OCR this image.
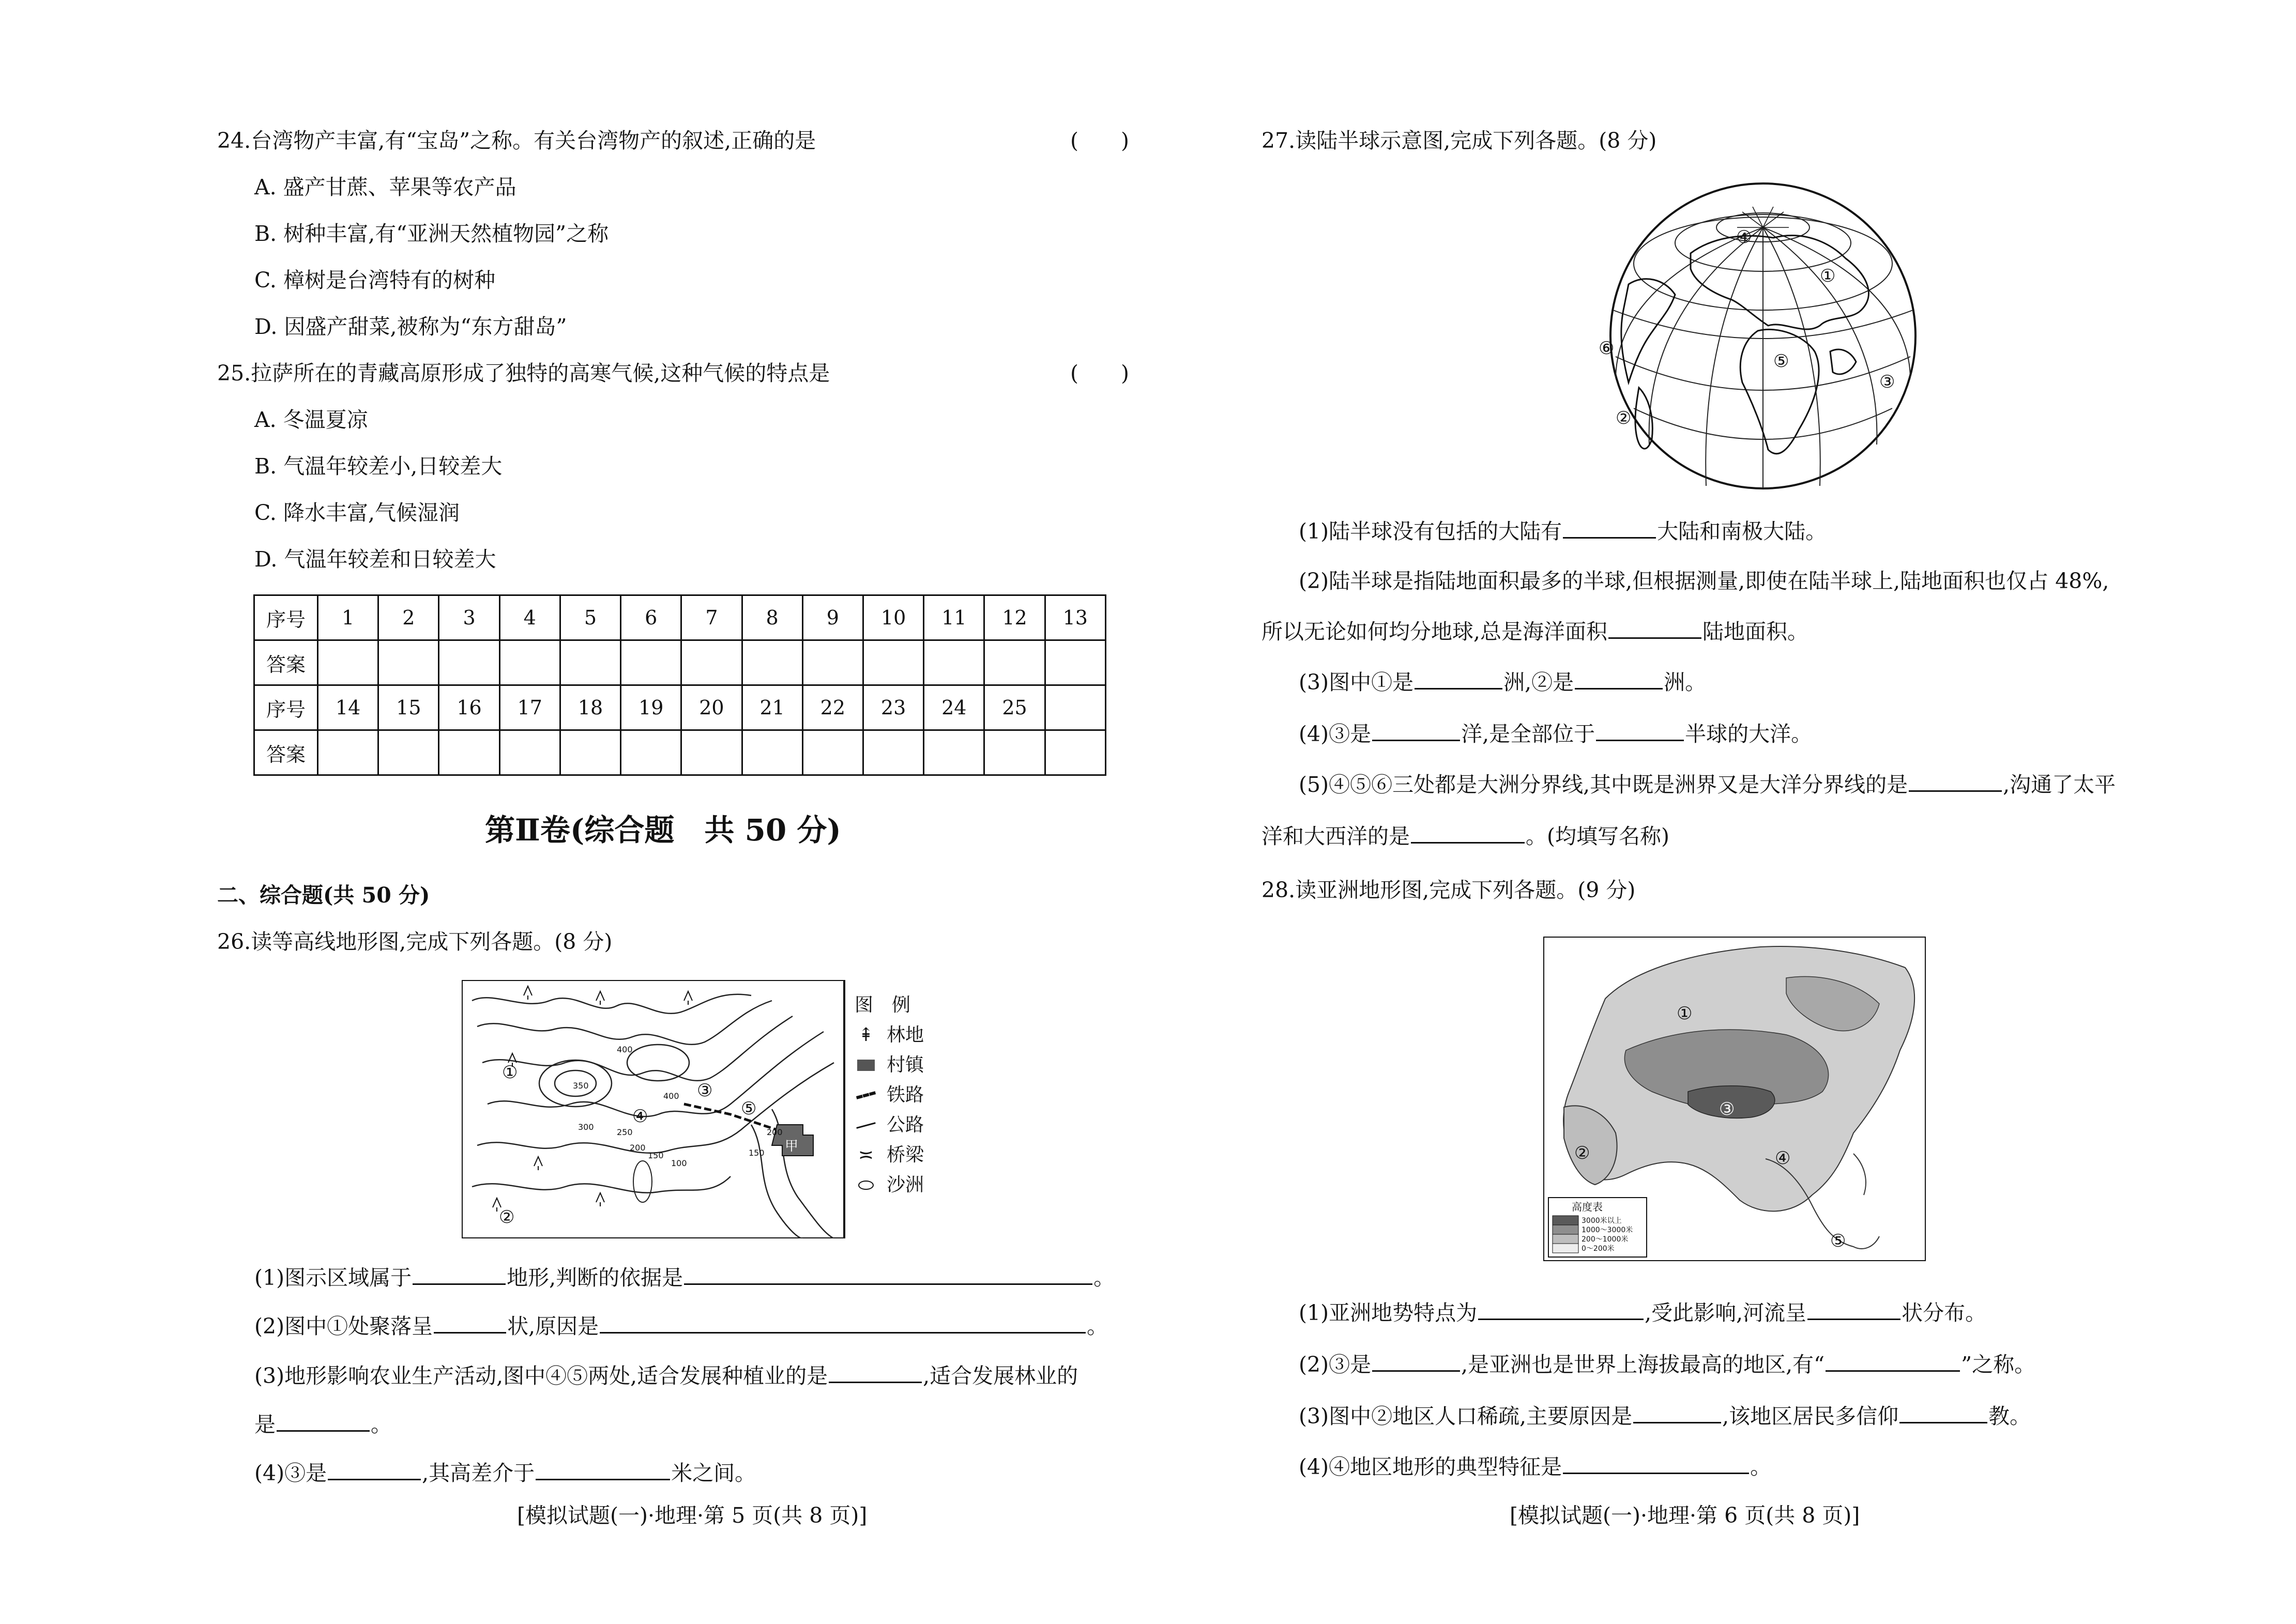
24.台湾物产丰富,有“宝岛”之称。有关台湾物产的叙述,正确的是	(　　)
A. 盛产甘蔗、苹果等农产品
B. 树种丰富,有“亚洲天然植物园”之称
C. 樟树是台湾特有的树种
D. 因盛产甜菜,被称为“东方甜岛”
25.拉萨所在的青藏高原形成了独特的高寒气候,这种气候的特点是	(　　)
A. 冬温夏凉
B. 气温年较差小,日较差大
C. 降水丰富,气候湿润
D. 气温年较差和日较差大
序号	1	2	3	4	5	6	7	8	9	10	11	12	13
答案													
序号	14	15	16	17	18	19	20	21	22	23	24	25	
答案													
第Ⅱ卷(综合题　共 50 分)
二、综合题(共 50 分)
26.读等高线地形图,完成下列各题。(8 分)
①
②
③
④	⑤
甲
400
350
400
300
250
200
150
100
200
150
图　例
⇞ 林地
村镇
铁路
公路
≍ 桥梁
沙洲
(1)图示区域属于	地形,判断的依据是	。
(2)图中①处聚落呈	状,原因是	。
(3)地形影响农业生产活动,图中④⑤两处,适合发展种植业的是	,适合发展林业的
是	。
(4)③是	,其高差介于	米之间。
[模拟试题(一)·地理·第 5 页(共 8 页)]
27.读陆半球示意图,完成下列各题。(8 分)
①
②
③
④
⑤
⑥
(1)陆半球没有包括的大陆有	大陆和南极大陆。
(2)陆半球是指陆地面积最多的半球,但根据测量,即使在陆半球上,陆地面积也仅占 48%,
所以无论如何均分地球,总是海洋面积	陆地面积。
(3)图中①是	洲,②是	洲。
(4)③是	洋,是全部位于	半球的大洋。
(5)④⑤⑥三处都是大洲分界线,其中既是洲界又是大洋分界线的是	,沟通了太平
洋和大西洋的是	。(均填写名称)
28.读亚洲地形图,完成下列各题。(9 分)
①
②
③
④
⑤
高度表
3000米以上
1000～3000米
200～1000米
0～200米
(1)亚洲地势特点为	,受此影响,河流呈	状分布。
(2)③是	,是亚洲也是世界上海拔最高的地区,有“	”之称。
(3)图中②地区人口稀疏,主要原因是	,该地区居民多信仰	教。
(4)④地区地形的典型特征是	。
[模拟试题(一)·地理·第 6 页(共 8 页)]
